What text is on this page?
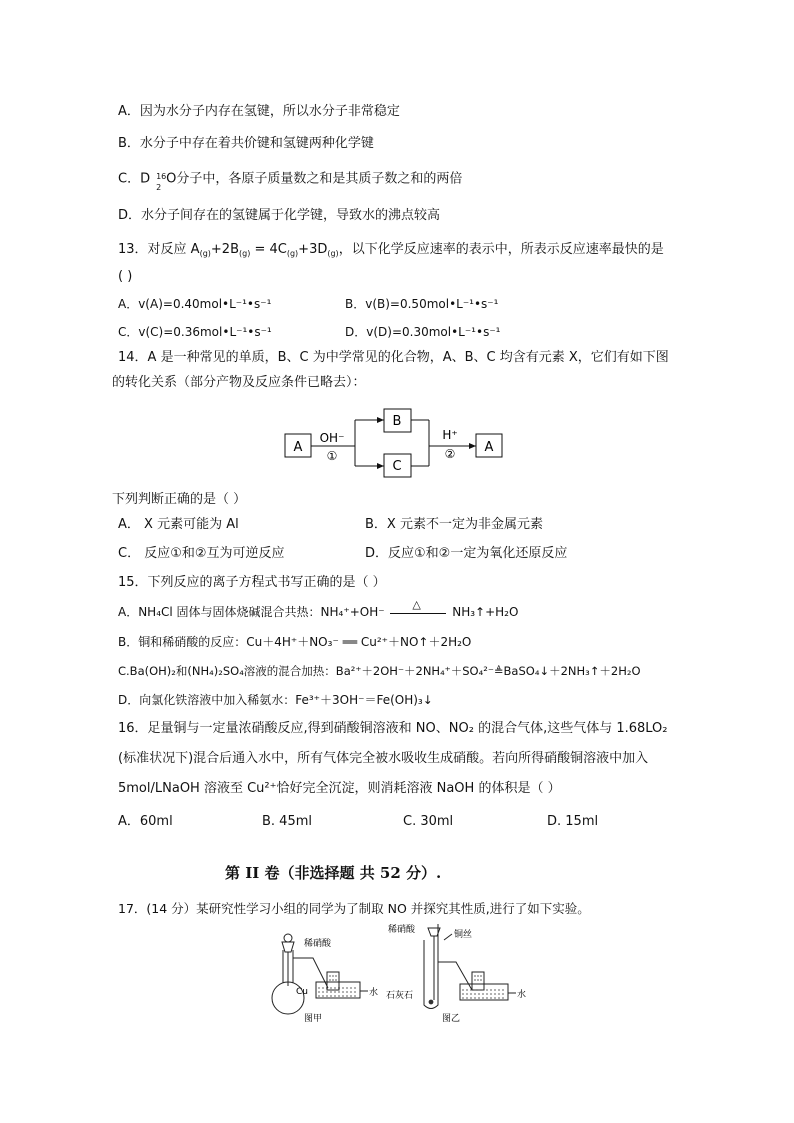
A．因为水分子内存在氢键，所以水分子非常稳定
B．水分子中存在着共价键和氢键两种化学键
C．D 16
2
O分子中，各原子质量数之和是其质子数之和的两倍
D．水分子间存在的氢键属于化学键，导致水的沸点较高
13．对反应 $A_{(g)}+2B_{(g)} = 4C_{(g)}+3D_{(g)}$，以下化学反应速率的表示中，所表示反应速率最快的是
( )
A．v(A)=0.40mol•L⁻¹•s⁻¹	B．v(B)=0.50mol•L⁻¹•s⁻¹
C．v(C)=0.36mol•L⁻¹•s⁻¹	D．v(D)=0.30mol•L⁻¹•s⁻¹
14．A 是一种常见的单质，B、C 为中学常见的化合物，A、B、C 均含有元素 X，它们有如下图
的转化关系（部分产物及反应条件已略去）：
A
B
C
A
OH⁻
①
H⁺
②
下列判断正确的是（ ）
A． X 元素可能为 Al	B．X 元素不一定为非金属元素
C． 反应①和②互为可逆反应	D．反应①和②一定为氧化还原反应
15．下列反应的离子方程式书写正确的是（ ）
A．NH₄Cl 固体与固体烧碱混合共热：NH₄⁺+OH⁻
△
NH₃↑+H₂O
B．铜和稀硝酸的反应：Cu＋4H⁺＋NO₃⁻ ══ Cu²⁺＋NO↑＋2H₂O
C.Ba(OH)₂和(NH₄)₂SO₄溶液的混合加热：Ba²⁺＋2OH⁻＋2NH₄⁺＋SO₄²⁻≜BaSO₄↓＋2NH₃↑＋2H₂O
D．向氯化铁溶液中加入稀氨水：Fe³⁺＋3OH⁻＝Fe(OH)₃↓
16．足量铜与一定量浓硝酸反应,得到硝酸铜溶液和 NO、NO₂ 的混合气体,这些气体与 1.68LO₂
(标准状况下)混合后通入水中，所有气体完全被水吸收生成硝酸。若向所得硝酸铜溶液中加入
5mol/LNaOH 溶液至 Cu²⁺恰好完全沉淀，则消耗溶液 NaOH 的体积是（ ）
A．60ml	B. 45ml	C. 30ml	D. 15ml
第 II 卷（非选择题 共 52 分）.
17．(14 分）某研究性学习小组的同学为了制取 NO 并探究其性质,进行了如下实验。
稀硝酸
Cu	水
图甲
稀硝酸	铜丝
石灰石	水
图乙
